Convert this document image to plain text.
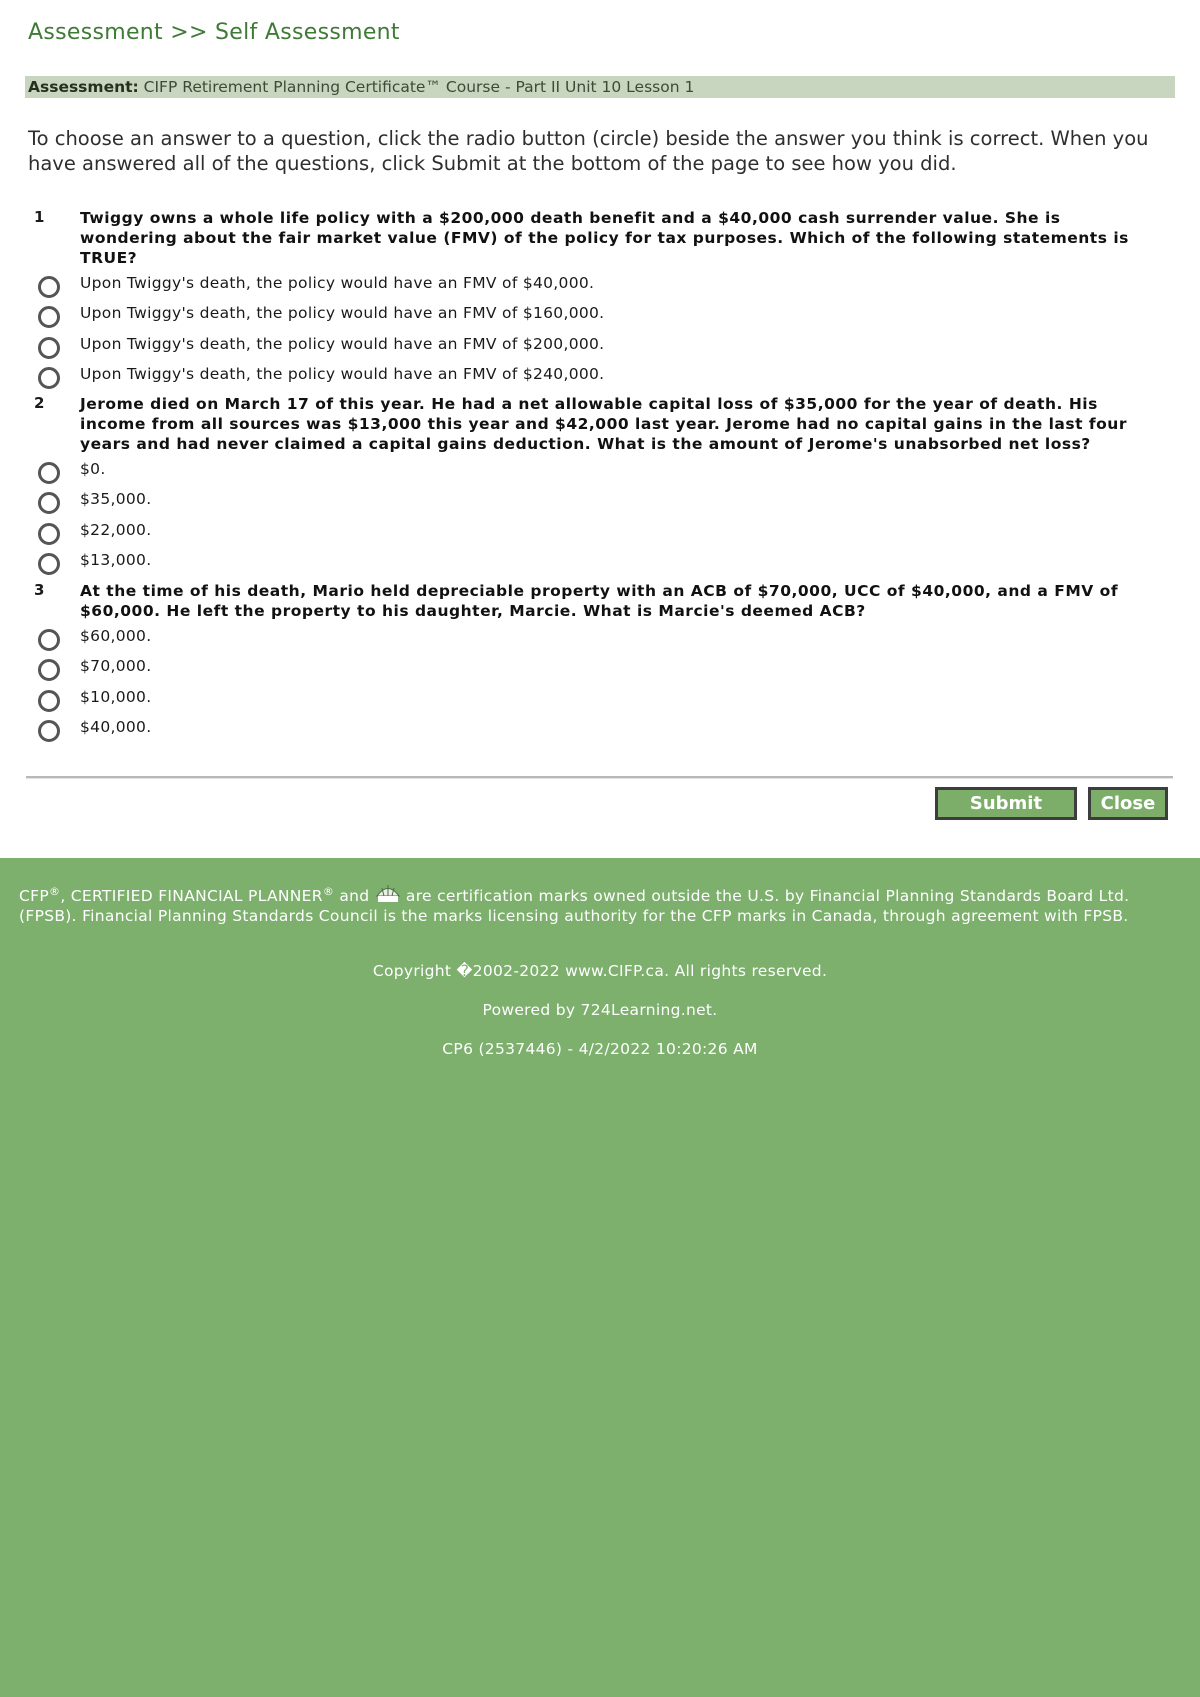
Assessment >> Self Assessment
Assessment: CIFP Retirement Planning Certificate™ Course - Part II Unit 10 Lesson 1
To choose an answer to a question, click the radio button (circle) beside the answer you think is correct. When you have answered all of the questions, click Submit at the bottom of the page to see how you did.
1 Twiggy owns a whole life policy with a $200,000 death benefit and a $40,000 cash surrender value. She is wondering about the fair market value (FMV) of the policy for tax purposes. Which of the following statements is TRUE?
Upon Twiggy's death, the policy would have an FMV of $40,000.
Upon Twiggy's death, the policy would have an FMV of $160,000.
Upon Twiggy's death, the policy would have an FMV of $200,000.
Upon Twiggy's death, the policy would have an FMV of $240,000.
2 Jerome died on March 17 of this year. He had a net allowable capital loss of $35,000 for the year of death. His income from all sources was $13,000 this year and $42,000 last year. Jerome had no capital gains in the last four years and had never claimed a capital gains deduction. What is the amount of Jerome's unabsorbed net loss?
$0.
$35,000.
$22,000.
$13,000.
3 At the time of his death, Mario held depreciable property with an ACB of $70,000, UCC of $40,000, and a FMV of $60,000. He left the property to his daughter, Marcie. What is Marcie's deemed ACB?
$60,000.
$70,000.
$10,000.
$40,000.
Submit Now
Close
CFP®, CERTIFIED FINANCIAL PLANNER® and  are certification marks owned outside the U.S. by Financial Planning Standards Board Ltd. (FPSB). Financial Planning Standards Council is the marks licensing authority for the CFP marks in Canada, through agreement with FPSB.
Copyright �2002-2022 www.CIFP.ca. All rights reserved.
Powered by 724Learning.net.
CP6 (2537446) - 4/2/2022 10:20:26 AM
